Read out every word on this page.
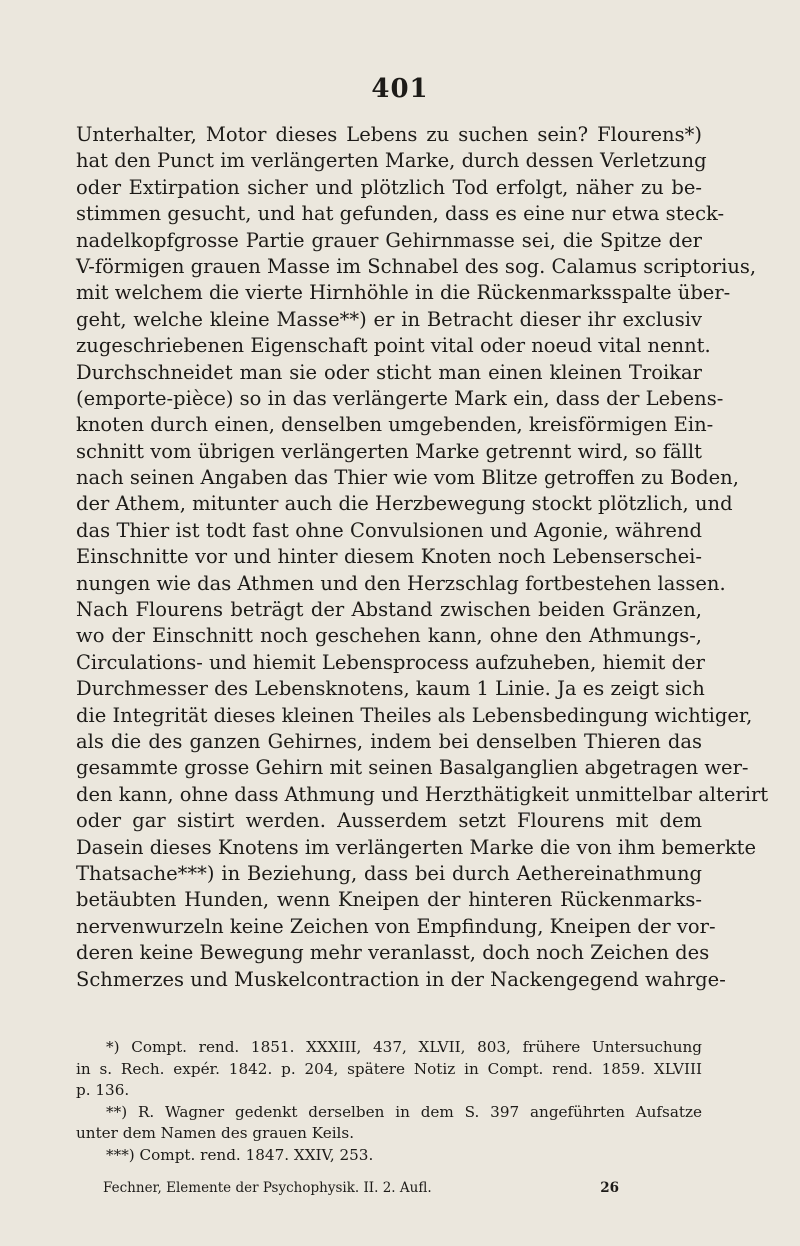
401
Unterhalter, Motor dieses Lebens zu suchen sein? Flourens*)
hat den Punct im verlängerten Marke, durch dessen Verletzung
oder Extirpation sicher und plötzlich Tod erfolgt, näher zu be-
stimmen gesucht, und hat gefunden, dass es eine nur etwa steck-
nadelkopfgrosse Partie grauer Gehirnmasse sei, die Spitze der
V-förmigen grauen Masse im Schnabel des sog. Calamus scriptorius,
mit welchem die vierte Hirnhöhle in die Rückenmarksspalte über-
geht, welche kleine Masse**) er in Betracht dieser ihr exclusiv
zugeschriebenen Eigenschaft point vital oder noeud vital nennt.
Durchschneidet man sie oder sticht man einen kleinen Troikar
(emporte-pièce) so in das verlängerte Mark ein, dass der Lebens-
knoten durch einen, denselben umgebenden, kreisförmigen Ein-
schnitt vom übrigen verlängerten Marke getrennt wird, so fällt
nach seinen Angaben das Thier wie vom Blitze getroffen zu Boden,
der Athem, mitunter auch die Herzbewegung stockt plötzlich, und
das Thier ist todt fast ohne Convulsionen und Agonie, während
Einschnitte vor und hinter diesem Knoten noch Lebenserschei-
nungen wie das Athmen und den Herzschlag fortbestehen lassen.
Nach Flourens beträgt der Abstand zwischen beiden Gränzen,
wo der Einschnitt noch geschehen kann, ohne den Athmungs-,
Circulations- und hiemit Lebensprocess aufzuheben, hiemit der
Durchmesser des Lebensknotens, kaum 1 Linie. Ja es zeigt sich
die Integrität dieses kleinen Theiles als Lebensbedingung wichtiger,
als die des ganzen Gehirnes, indem bei denselben Thieren das
gesammte grosse Gehirn mit seinen Basalganglien abgetragen wer-
den kann, ohne dass Athmung und Herzthätigkeit unmittelbar alterirt
oder gar sistirt werden. Ausserdem setzt Flourens mit dem
Dasein dieses Knotens im verlängerten Marke die von ihm bemerkte
Thatsache***) in Beziehung, dass bei durch Aethereinathmung
betäubten Hunden, wenn Kneipen der hinteren Rückenmarks-
nervenwurzeln keine Zeichen von Empfindung, Kneipen der vor-
deren keine Bewegung mehr veranlasst, doch noch Zeichen des
Schmerzes und Muskelcontraction in der Nackengegend wahrge-
*) Compt. rend. 1851. XXXIII, 437, XLVII, 803, frühere Untersuchung
in s. Rech. expér. 1842. p. 204, spätere Notiz in Compt. rend. 1859. XLVIII
p. 136.
**) R. Wagner gedenkt derselben in dem S. 397 angeführten Aufsatze
unter dem Namen des grauen Keils.
***) Compt. rend. 1847. XXIV, 253.
Fechner, Elemente der Psychophysik. II. 2. Aufl.	26
